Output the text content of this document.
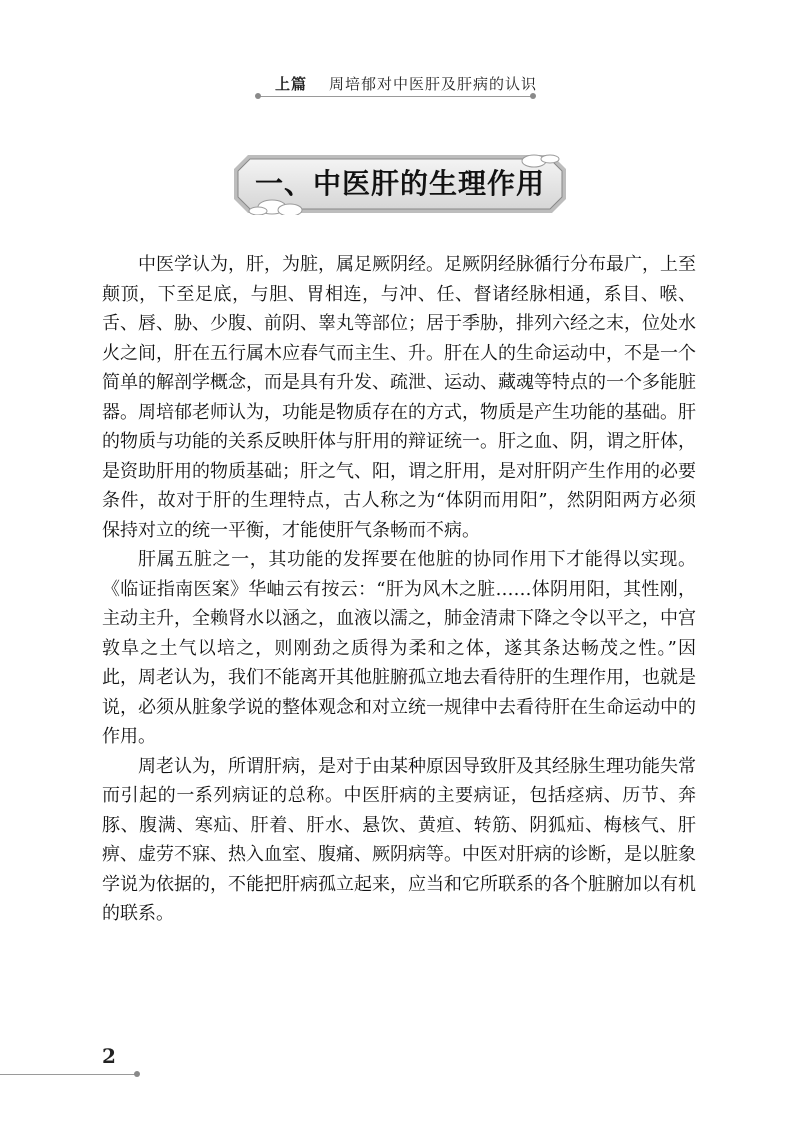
上篇 周培郁对中医肝及肝病的认识
一、中医肝的生理作用

中医学认为，肝，为脏，属足厥阴经。足厥阴经脉循行分布最广，上至颠顶，下至足底，与胆、胃相连，与冲、任、督诸经脉相通，系目、喉、舌、唇、胁、少腹、前阴、睾丸等部位；居于季胁，排列六经之末，位处水火之间，肝在五行属木应春气而主生、升。肝在人的生命运动中，不是一个简单的解剖学概念，而是具有升发、疏泄、运动、藏魂等特点的一个多能脏器。周培郁老师认为，功能是物质存在的方式，物质是产生功能的基础。肝的物质与功能的关系反映肝体与肝用的辩证统一。肝之血、阴，谓之肝体，是资助肝用的物质基础；肝之气、阳，谓之肝用，是对肝阴产生作用的必要条件，故对于肝的生理特点，古人称之为“体阴而用阳”，然阴阳两方必须保持对立的统一平衡，才能使肝气条畅而不病。

肝属五脏之一，其功能的发挥要在他脏的协同作用下才能得以实现。《临证指南医案》华岫云有按云：“肝为风木之脏……体阴用阳，其性刚，主动主升，全赖肾水以涵之，血液以濡之，肺金清肃下降之令以平之，中宫敦阜之土气以培之，则刚劲之质得为柔和之体，遂其条达畅茂之性。”因此，周老认为，我们不能离开其他脏腑孤立地去看待肝的生理作用，也就是说，必须从脏象学说的整体观念和对立统一规律中去看待肝在生命运动中的作用。

周老认为，所谓肝病，是对于由某种原因导致肝及其经脉生理功能失常而引起的一系列病证的总称。中医肝病的主要病证，包括痉病、历节、奔豚、腹满、寒疝、肝着、肝水、悬饮、黄疸、转筋、阴狐疝、梅核气、肝痹、虚劳不寐、热入血室、腹痛、厥阴病等。中医对肝病的诊断，是以脏象学说为依据的，不能把肝病孤立起来，应当和它所联系的各个脏腑加以有机的联系。

2
